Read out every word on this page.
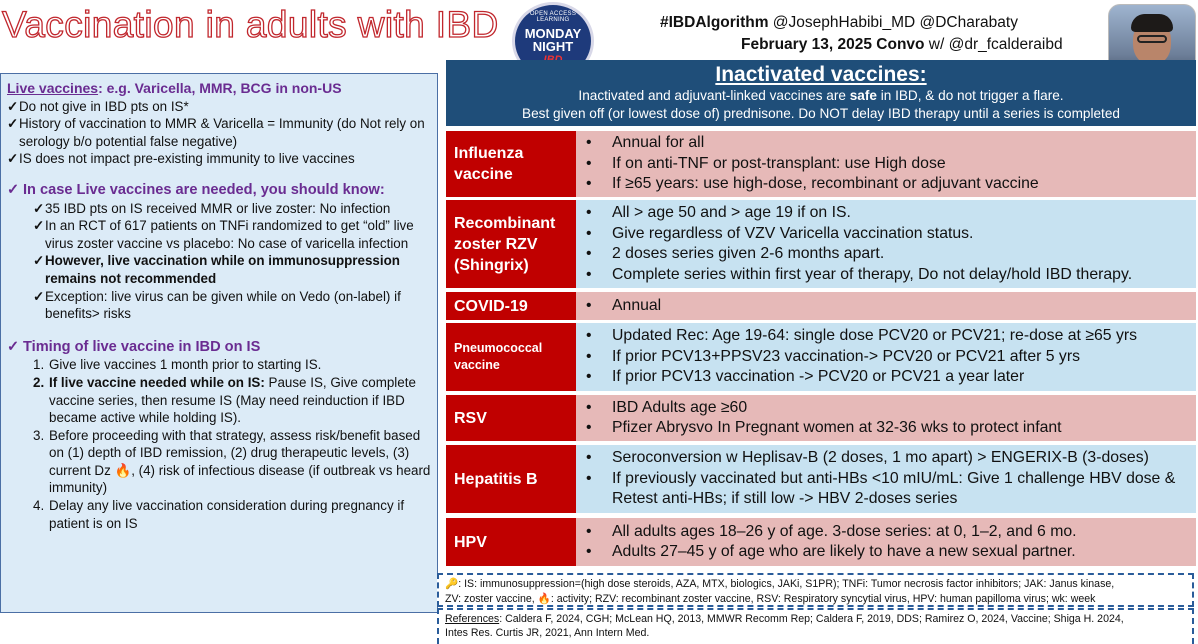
Vaccination in adults with IBD	OPEN ACCESS LEARNING
MONDAY
NIGHT
#IBDAlgorithm @JosephHabibi_MD @DCharabaty
February 13, 2025 Convo w/ @dr_fcalderaibd

Live vaccines: e.g. Varicella, MMR, BCG in non-US

✓ Do not give in IBD pts on IS*
✓ History of vaccination to MMR & Varicella = Immunity (do Not rely on serology b/o potential false negative)
✓ IS does not impact pre-existing immunity to live vaccines
✓ In case Live vaccines are needed, you should know:
✓ 35 IBD pts on IS received MMR or live zoster: No infection
✓ In an RCT of 617 patients on TNFi randomized to get “old” live virus zoster vaccine vs placebo: No case of varicella infection
✓ However, live vaccination while on immunosuppression remains not recommended
✓ Exception: live virus can be given while on Vedo (on-label) if benefits> risks
✓ Timing of live vaccine in IBD on IS
1. Give live vaccines 1 month prior to starting IS.
2. If live vaccine needed while on IS: Pause IS, Give complete vaccine series, then resume IS (May need reinduction if IBD became active while holding IS).
3. Before proceeding with that strategy, assess risk/benefit based on (1) depth of IBD remission, (2) drug therapeutic levels, (3) current Dz 🔥, (4) risk of infectious disease (if outbreak vs heard immunity)
4. Delay any live vaccination consideration during pregnancy if patient is on IS
Inactivated vaccines:
Inactivated and adjuvant-linked vaccines are safe in IBD, & do not trigger a flare.
Best given off (or lowest dose of) prednisone. Do NOT delay IBD therapy until a series is completed
Influenza vaccine
•	Annual for all
•	If on anti-TNF or post-transplant: use High dose
•	If ≥65 years: use high-dose, recombinant or adjuvant vaccine
Recombinant zoster RZV (Shingrix)
•	All > age 50 and > age 19 if on IS.
•	Give regardless of VZV Varicella vaccination status.
•	2 doses series given 2-6 months apart.
•	Complete series within first year of therapy, Do not delay/hold IBD therapy.
COVID-19	•	Annual
Pneumococcal vaccine
•	Updated Rec: Age 19-64: single dose PCV20 or PCV21; re-dose at ≥65 yrs
•	If prior PCV13+PPSV23 vaccination-> PCV20 or PCV21 after 5 yrs
•	If prior PCV13 vaccination -> PCV20 or PCV21 a year later
RSV
•	IBD Adults age ≥60
•	Pfizer Abrysvo In Pregnant women at 32-36 wks to protect infant
Hepatitis B
•	Seroconversion w Heplisav-B (2 doses, 1 mo apart) > ENGERIX-B (3-doses)
•	If previously vaccinated but anti-HBs <10 mIU/mL: Give 1 challenge HBV dose & Retest anti-HBs; if still low -> HBV 2-doses series
HPV
•	All adults ages 18–26 y of age. 3-dose series: at 0, 1–2, and 6 mo.
•	Adults 27–45 y of age who are likely to have a new sexual partner.
🔑: IS: immunosuppression=(high dose steroids, AZA, MTX, biologics, JAKi, S1PR); TNFi: Tumor necrosis factor inhibitors; JAK: Janus kinase,
ZV: zoster vaccine, 🔥: activity; RZV: recombinant zoster vaccine, RSV: Respiratory syncytial virus, HPV: human papilloma virus; wk: week
References: Caldera F, 2024, CGH; McLean HQ, 2013, MMWR Recomm Rep; Caldera F, 2019, DDS; Ramirez O, 2024, Vaccine; Shiga H. 2024,
Intes Res. Curtis JR, 2021, Ann Intern Med.
